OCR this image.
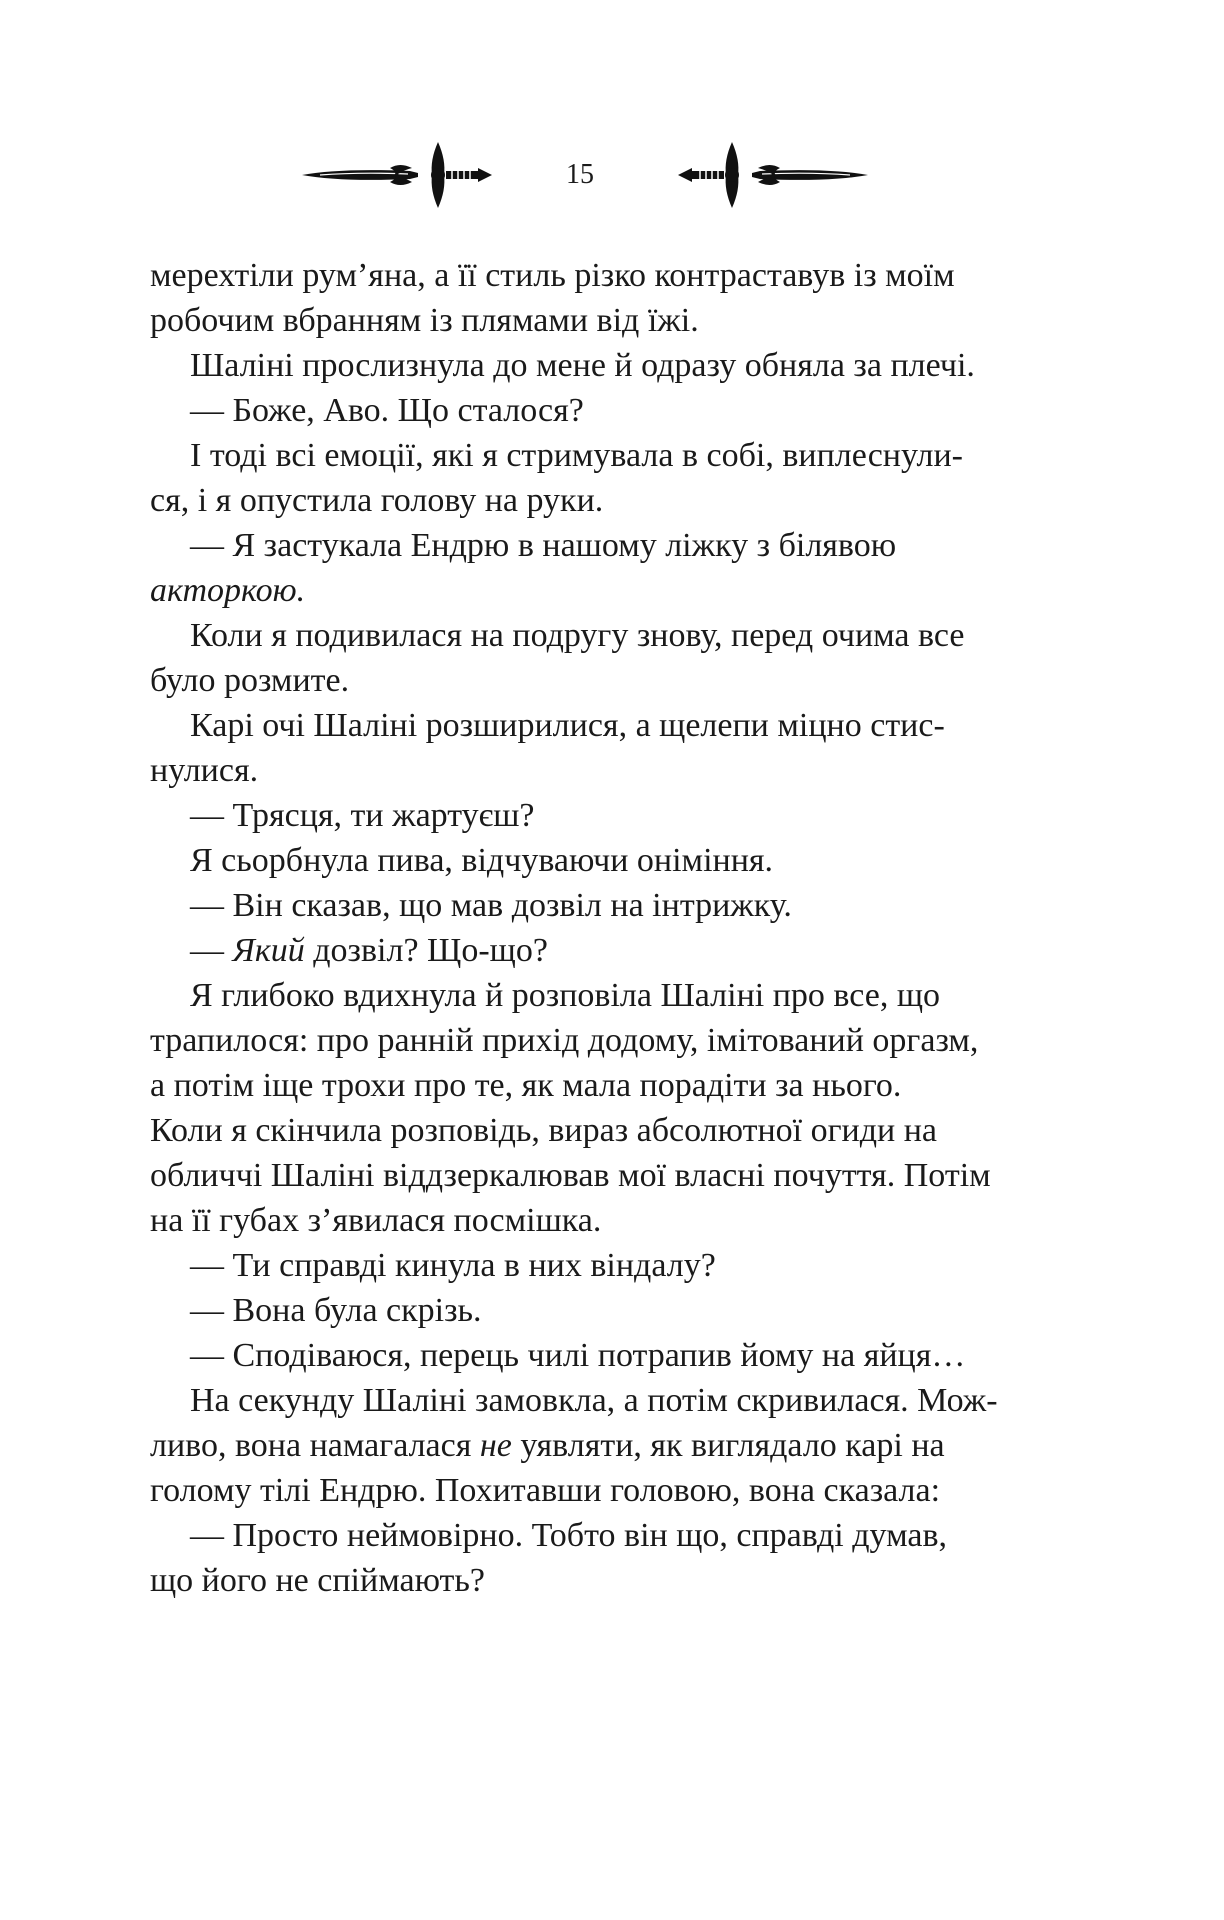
15
мерехтіли рум’яна, а її стиль різко контраставув із моїм
робочим вбранням із плямами від їжі.
Шаліні прослизнула до мене й одразу обняла за плечі.
— Боже, Аво. Що сталося?
І тоді всі емоції, які я стримувала в собі, виплеснули-
ся, і я опустила голову на руки.
— Я застукала Ендрю в нашому ліжку з білявою
акторкою.
Коли я подивилася на подругу знову, перед очима все
було розмите.
Карі очі Шаліні розширилися, а щелепи міцно стис-
нулися.
— Трясця, ти жартуєш?
Я сьорбнула пива, відчуваючи оніміння.
— Він сказав, що мав дозвіл на інтрижку.
— Який дозвіл? Що-що?
Я глибоко вдихнула й розповіла Шаліні про все, що
трапилося: про ранній прихід додому, імітований оргазм,
а потім іще трохи про те, як мала порадіти за нього.
Коли я скінчила розповідь, вираз абсолютної огиди на
обличчі Шаліні віддзеркалював мої власні почуття. Потім
на її губах з’явилася посмішка.
— Ти справді кинула в них віндалу?
— Вона була скрізь.
— Сподіваюся, перець чилі потрапив йому на яйця…
На секунду Шаліні замовкла, а потім скривилася. Мож-
ливо, вона намагалася не уявляти, як виглядало карі на
голому тілі Ендрю. Похитавши головою, вона сказала:
— Просто неймовірно. Тобто він що, справді думав,
що його не спіймають?
